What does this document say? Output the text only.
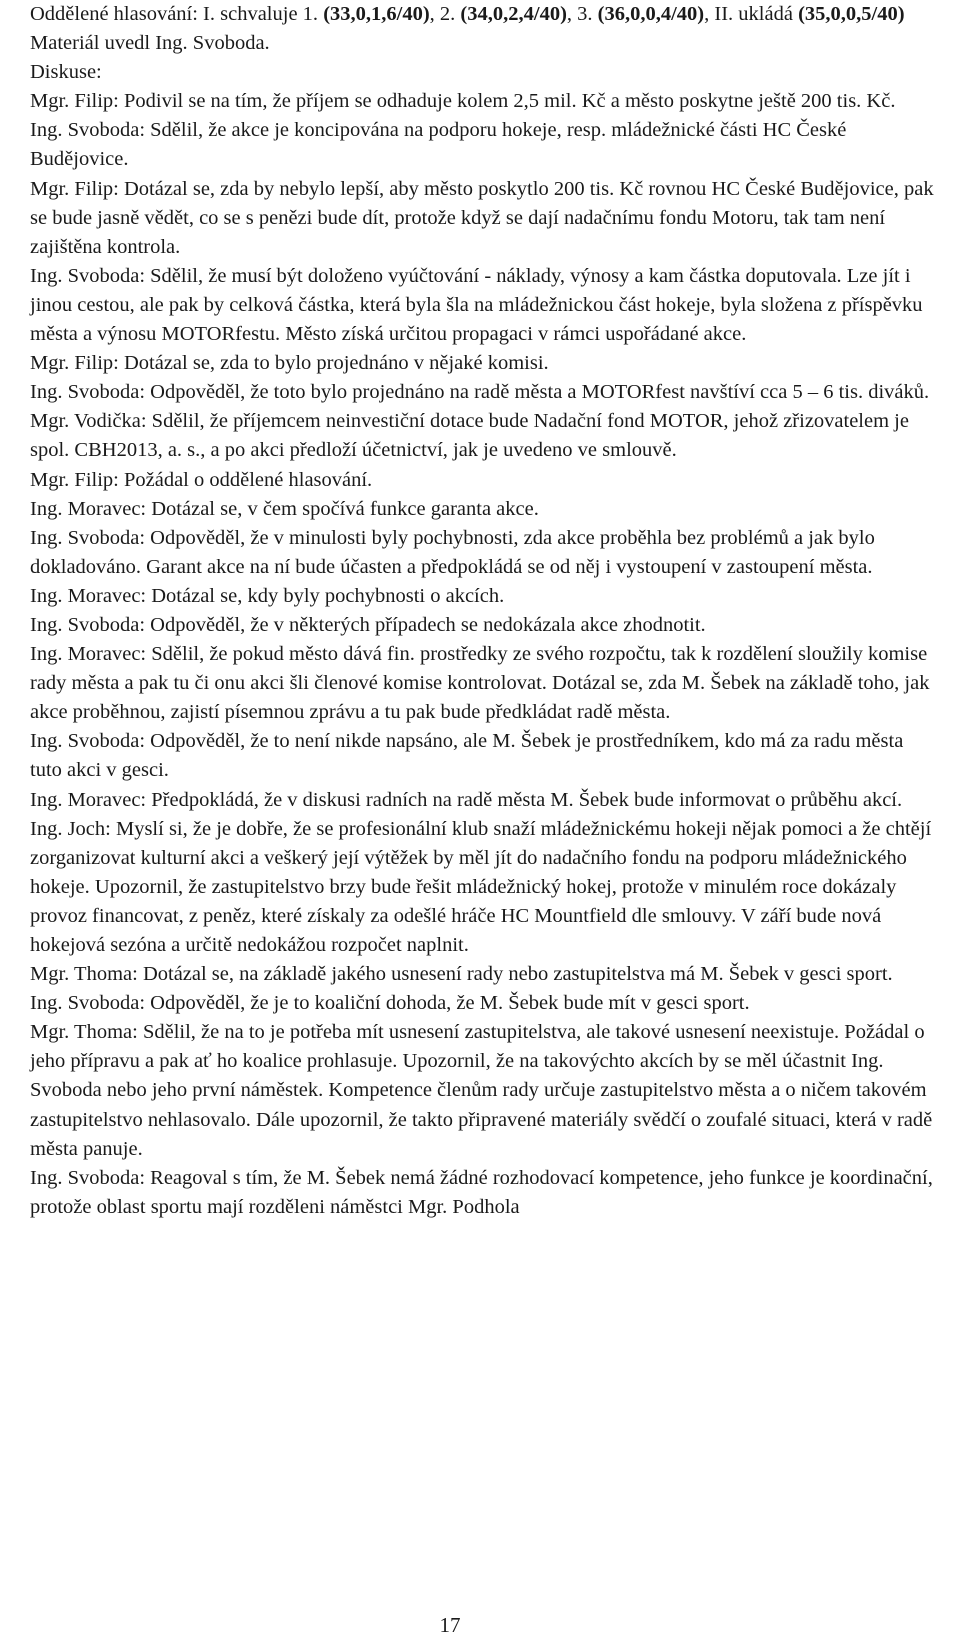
Oddělené hlasování: I. schvaluje 1. (33,0,1,6/40), 2. (34,0,2,4/40), 3. (36,0,0,4/40), II. ukládá (35,0,0,5/40)

Materiál uvedl Ing. Svoboda.

Diskuse:

Mgr. Filip: Podivil se na tím, že příjem se odhaduje kolem 2,5 mil. Kč a město poskytne ještě 200 tis. Kč.

Ing. Svoboda: Sdělil, že akce je koncipována na podporu hokeje, resp. mládežnické části HC České Budějovice.

Mgr. Filip: Dotázal se, zda by nebylo lepší, aby město poskytlo 200 tis. Kč rovnou HC České Budějovice, pak se bude jasně vědět, co se s penězi bude dít, protože když se dají nadačnímu fondu Motoru, tak tam není zajištěna kontrola.

Ing. Svoboda: Sdělil, že musí být doloženo vyúčtování - náklady, výnosy a kam částka doputovala. Lze jít i jinou cestou, ale pak by celková částka, která byla šla na mládežnickou část hokeje, byla složena z příspěvku města a výnosu MOTORfestu. Město získá určitou propagaci v rámci uspořádané akce.

Mgr. Filip: Dotázal se, zda to bylo projednáno v nějaké komisi.

Ing. Svoboda: Odpověděl, že toto bylo projednáno na radě města a MOTORfest navštíví cca 5 – 6 tis. diváků.

Mgr. Vodička: Sdělil, že příjemcem neinvestiční dotace bude Nadační fond MOTOR, jehož zřizovatelem je spol. CBH2013, a. s., a po akci předloží účetnictví, jak je uvedeno ve smlouvě.

Mgr. Filip: Požádal o oddělené hlasování.

Ing. Moravec: Dotázal se, v čem spočívá funkce garanta akce.

Ing. Svoboda: Odpověděl, že v minulosti byly pochybnosti, zda akce proběhla bez problémů a jak bylo dokladováno. Garant akce na ní bude účasten a předpokládá se od něj i vystoupení v zastoupení města.

Ing. Moravec: Dotázal se, kdy byly pochybnosti o akcích.

Ing. Svoboda: Odpověděl, že v některých případech se nedokázala akce zhodnotit.

Ing. Moravec: Sdělil, že pokud město dává fin. prostředky ze svého rozpočtu, tak k rozdělení sloužily komise rady města a pak tu či onu akci šli členové komise kontrolovat. Dotázal se, zda M. Šebek na základě toho, jak akce proběhnou, zajistí písemnou zprávu a tu pak bude předkládat radě města.

Ing. Svoboda: Odpověděl, že to není nikde napsáno, ale M. Šebek je prostředníkem, kdo má za radu města tuto akci v gesci.

Ing. Moravec: Předpokládá, že v diskusi radních na radě města M. Šebek bude informovat o průběhu akcí.

Ing. Joch: Myslí si, že je dobře, že se profesionální klub snaží mládežnickému hokeji nějak pomoci a že chtějí zorganizovat kulturní akci a veškerý její výtěžek by měl jít do nadačního fondu na podporu mládežnického hokeje. Upozornil, že zastupitelstvo brzy bude řešit mládežnický hokej, protože v minulém roce dokázaly provoz financovat, z peněz, které získaly za odešlé hráče HC Mountfield dle smlouvy. V září bude nová hokejová sezóna a určitě nedokážou rozpočet naplnit.

Mgr. Thoma: Dotázal se, na základě jakého usnesení rady nebo zastupitelstva má M. Šebek v gesci sport.

Ing. Svoboda: Odpověděl, že je to koaliční dohoda, že M. Šebek bude mít v gesci sport.

Mgr. Thoma: Sdělil, že na to je potřeba mít usnesení zastupitelstva, ale takové usnesení neexistuje. Požádal o jeho přípravu a pak ať ho koalice prohlasuje. Upozornil, že na takovýchto akcích by se měl účastnit Ing. Svoboda nebo jeho první náměstek. Kompetence členům rady určuje zastupitelstvo města a o ničem takovém zastupitelstvo nehlasovalo. Dále upozornil, že takto připravené materiály svědčí o zoufalé situaci, která v radě města panuje.

Ing. Svoboda: Reagoval s tím, že M. Šebek nemá žádné rozhodovací kompetence, jeho funkce je koordinační, protože oblast sportu mají rozděleni náměstci Mgr. Podhola

17
